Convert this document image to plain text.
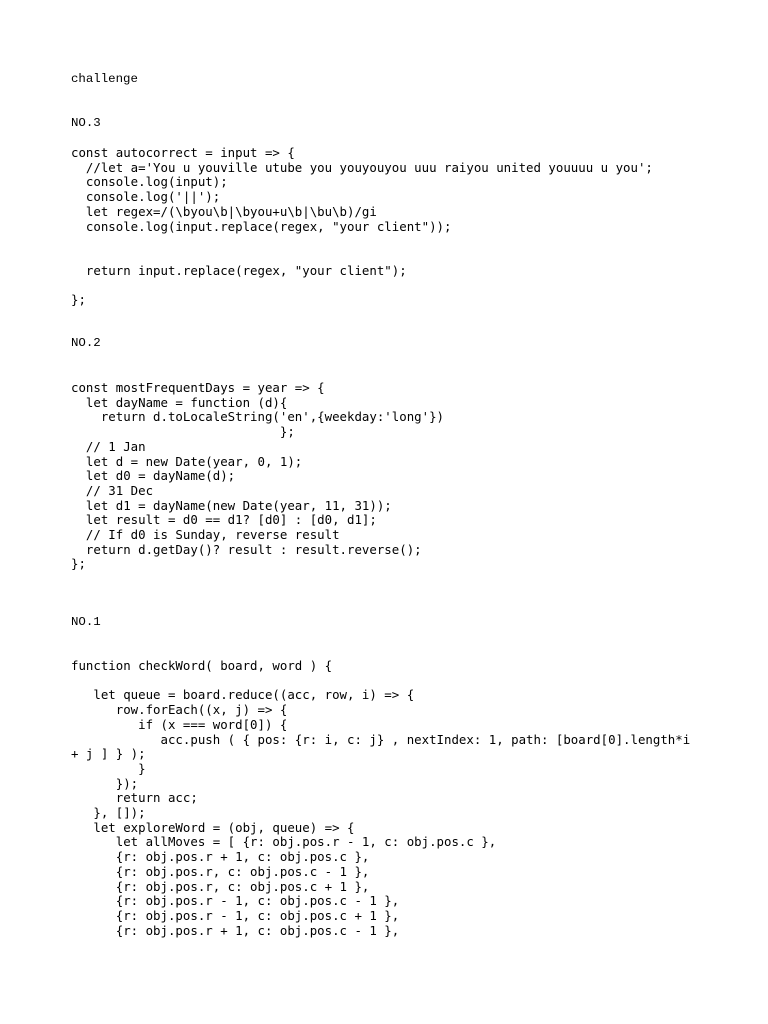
challenge
NO.3
const autocorrect = input => {
//let a='You u youville utube you youyouyou uuu raiyou united youuuu u you';
console.log(input);
console.log('||');
let regex=/(\byou\b|\byou+u\b|\bu\b)/gi
console.log(input.replace(regex, "your client"));

return input.replace(regex, "your client");

};
NO.2
const mostFrequentDays = year => {
let dayName = function (d){
return d.toLocaleString('en',{weekday:'long'})
};
// 1 Jan
let d = new Date(year, 0, 1);
let d0 = dayName(d);
// 31 Dec
let d1 = dayName(new Date(year, 11, 31));
let result = d0 == d1? [d0] : [d0, d1];
// If d0 is Sunday, reverse result
return d.getDay()? result : result.reverse();
};
NO.1
function checkWord( board, word ) {

let queue = board.reduce((acc, row, i) => {
row.forEach((x, j) => {
if (x === word[0]) {
acc.push ( { pos: {r: i, c: j} , nextIndex: 1, path: [board[0].length*i
+ j ] } );
}
});
return acc;
}, []);
let exploreWord = (obj, queue) => {
let allMoves = [ {r: obj.pos.r - 1, c: obj.pos.c },
{r: obj.pos.r + 1, c: obj.pos.c },
{r: obj.pos.r, c: obj.pos.c - 1 },
{r: obj.pos.r, c: obj.pos.c + 1 },
{r: obj.pos.r - 1, c: obj.pos.c - 1 },
{r: obj.pos.r - 1, c: obj.pos.c + 1 },
{r: obj.pos.r + 1, c: obj.pos.c - 1 },
